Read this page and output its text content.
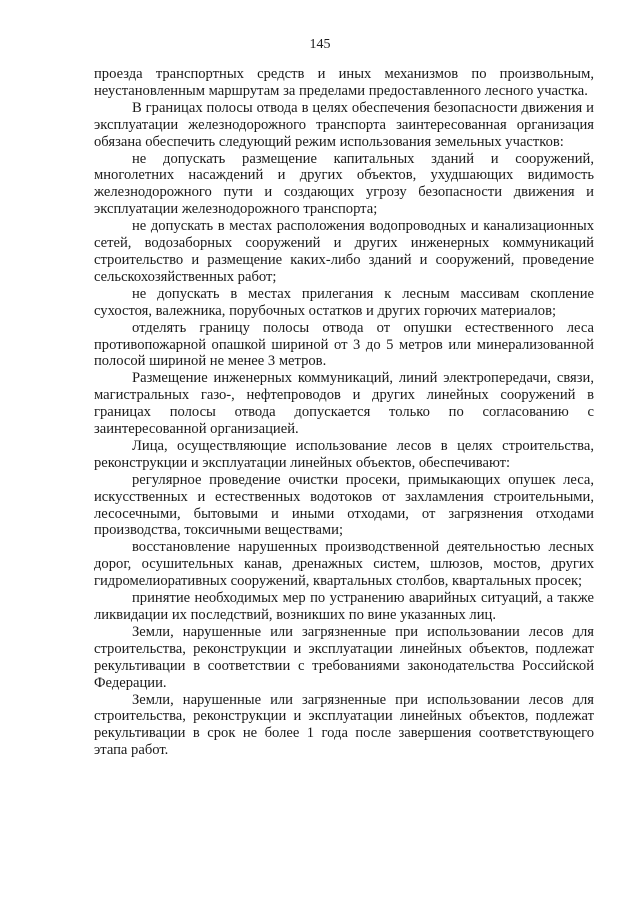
145

проезда транспортных средств и иных механизмов по произвольным, неустановленным маршрутам за пределами предоставленного лесного участка.

В границах полосы отвода в целях обеспечения безопасности движения и эксплуатации железнодорожного транспорта заинтересованная организация обязана обеспечить следующий режим использования земельных участков:

не допускать размещение капитальных зданий и сооружений, многолетних насаждений и других объектов, ухудшающих видимость железнодорожного пути и создающих угрозу безопасности движения и эксплуатации железнодорожного транспорта;

не допускать в местах расположения водопроводных и канализационных сетей, водозаборных сооружений и других инженерных коммуникаций строительство и размещение каких-либо зданий и сооружений, проведение сельскохозяйственных работ;

не допускать в местах прилегания к лесным массивам скопление сухостоя, валежника, порубочных остатков и других горючих материалов;

отделять границу полосы отвода от опушки естественного леса противопожарной опашкой шириной от 3 до 5 метров или минерализованной полосой шириной не менее 3 метров.

Размещение инженерных коммуникаций, линий электропередачи, связи, магистральных газо-, нефтепроводов и других линейных сооружений в границах полосы отвода допускается только по согласованию с заинтересованной организацией.

Лица, осуществляющие использование лесов в целях строительства, реконструкции и эксплуатации линейных объектов, обеспечивают:

регулярное проведение очистки просеки, примыкающих опушек леса, искусственных и естественных водотоков от захламления строительными, лесосечными, бытовыми и иными отходами, от загрязнения отходами производства, токсичными веществами;

восстановление нарушенных производственной деятельностью лесных дорог, осушительных канав, дренажных систем, шлюзов, мостов, других гидромелиоративных сооружений, квартальных столбов, квартальных просек;

принятие необходимых мер по устранению аварийных ситуаций, а также ликвидации их последствий, возникших по вине указанных лиц.

Земли, нарушенные или загрязненные при использовании лесов для строительства, реконструкции и эксплуатации линейных объектов, подлежат рекультивации в соответствии с требованиями законодательства Российской Федерации.

Земли, нарушенные или загрязненные при использовании лесов для строительства, реконструкции и эксплуатации линейных объектов, подлежат рекультивации в срок не более 1 года после завершения соответствующего этапа работ.
